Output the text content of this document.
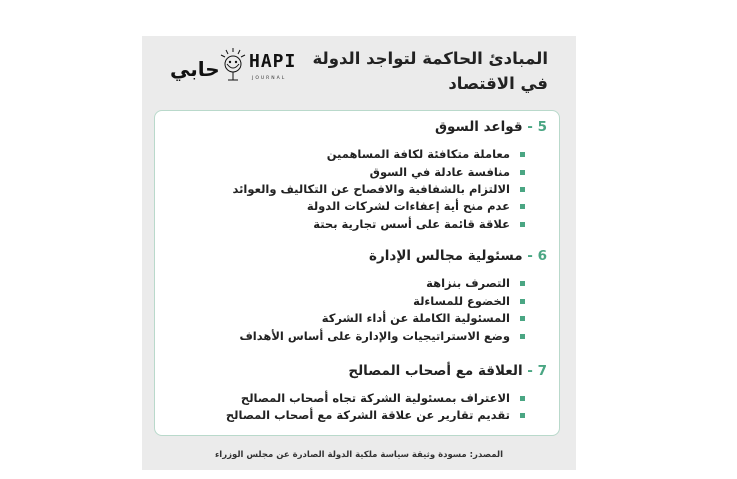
المبادئ الحاكمة لتواجد الدولة
في الاقتصاد
حابي HAPI
JOURNAL
5 - قواعد السوق
معاملة متكافئة لكافة المساهمين
منافسة عادلة في السوق
الالتزام بالشفافية والافصاح عن التكاليف والعوائد
عدم منح أية إعفاءات لشركات الدولة
علاقة قائمة على أسس تجارية بحتة
6 - مسئولية مجالس الإدارة
التصرف بنزاهة
الخضوع للمساءلة
المسئولية الكاملة عن أداء الشركة
وضع الاستراتيجيات والإدارة على أساس الأهداف
7 - العلاقة مع أصحاب المصالح
الاعتراف بمسئولية الشركة تجاه أصحاب المصالح
تقديم تقارير عن علاقة الشركة مع أصحاب المصالح
المصدر: مسودة وثيقة سياسة ملكية الدولة الصادرة عن مجلس الوزراء
